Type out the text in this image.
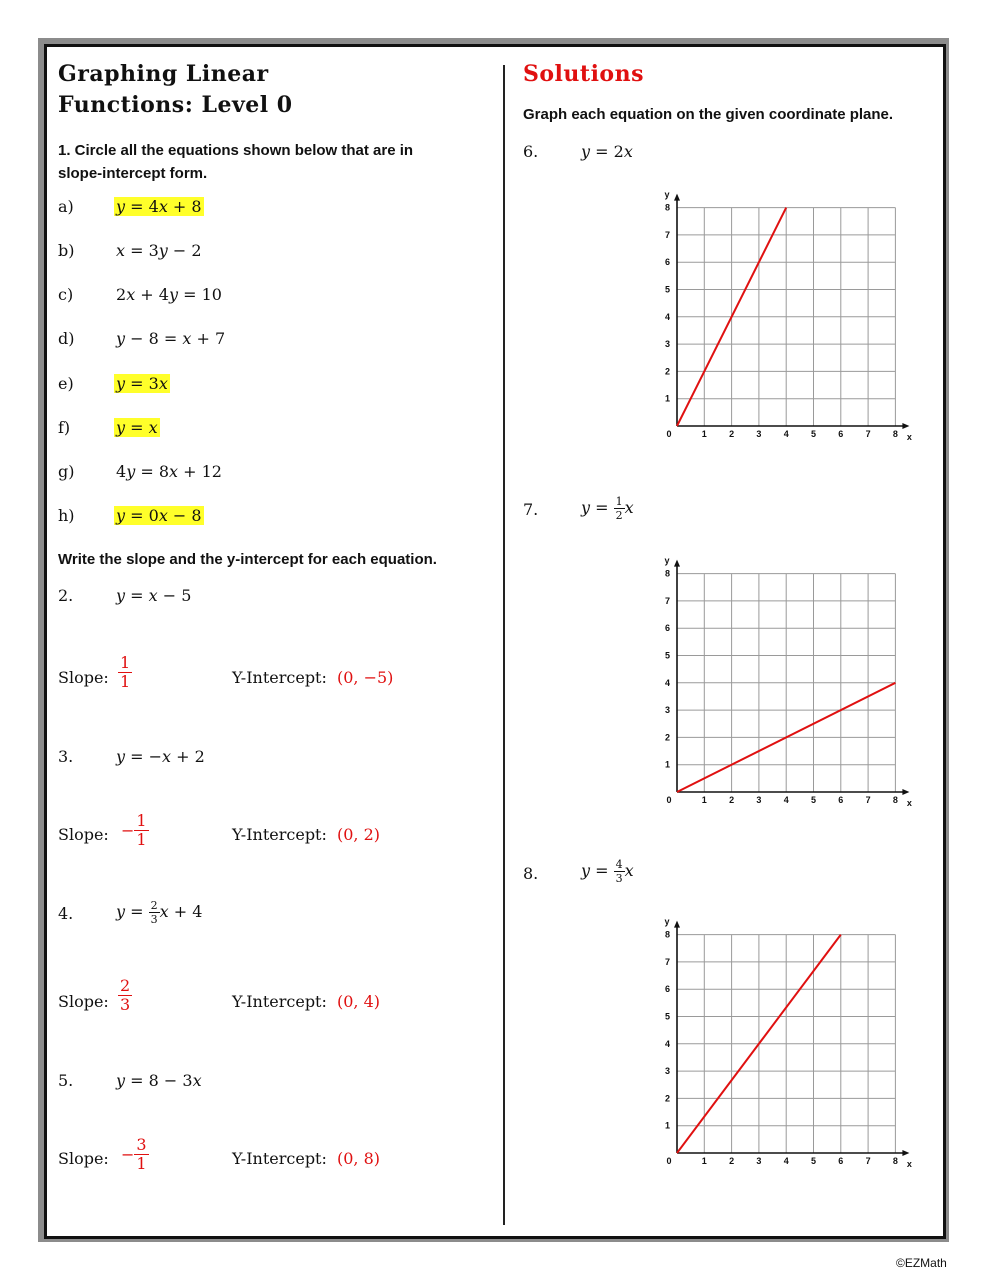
Graphing Linear
Functions: Level 0
1. Circle all the equations shown below that are in
slope-intercept form.
a)	y = 4x + 8
b)	x = 3y − 2
c)	2x + 4y = 10
d)	y − 8 = x + 7
e)	y = 3x
f)	y = x
g)	4y = 8x + 12
h)	y = 0x − 8
Write the slope and the y-intercept for each equation.
2.	y = x − 5
Slope: $\frac{1}{1}$	Y-Intercept: (0, −5)
3.	y = −x + 2
Slope: − $\frac{1}{1}$	Y-Intercept: (0, 2)
4.	$y = \frac{2}{3}$ x + 4
Slope: $\frac{2}{3}$	Y-Intercept: (0, 4)
5.	y = 8 − 3x
Slope: − $\frac{3}{1}$	Y-Intercept: (0, 8)
Solutions
Graph each equation on the given coordinate plane.
6.	y = 2x
7.	$y = \frac{1}{2}$ x
8.	$y = \frac{4}{3}$ x
0	1 2 3 4 5 6 7 8
1
2
3
4
5
6
7
8
x
y
0	1 2 3 4 5 6 7 8
1
2
3
4
5
6
7
8
x
y
0	1 2 3 4 5 6 7 8
1
2
3
4
5
6
7
8
x
y
©EZMath
